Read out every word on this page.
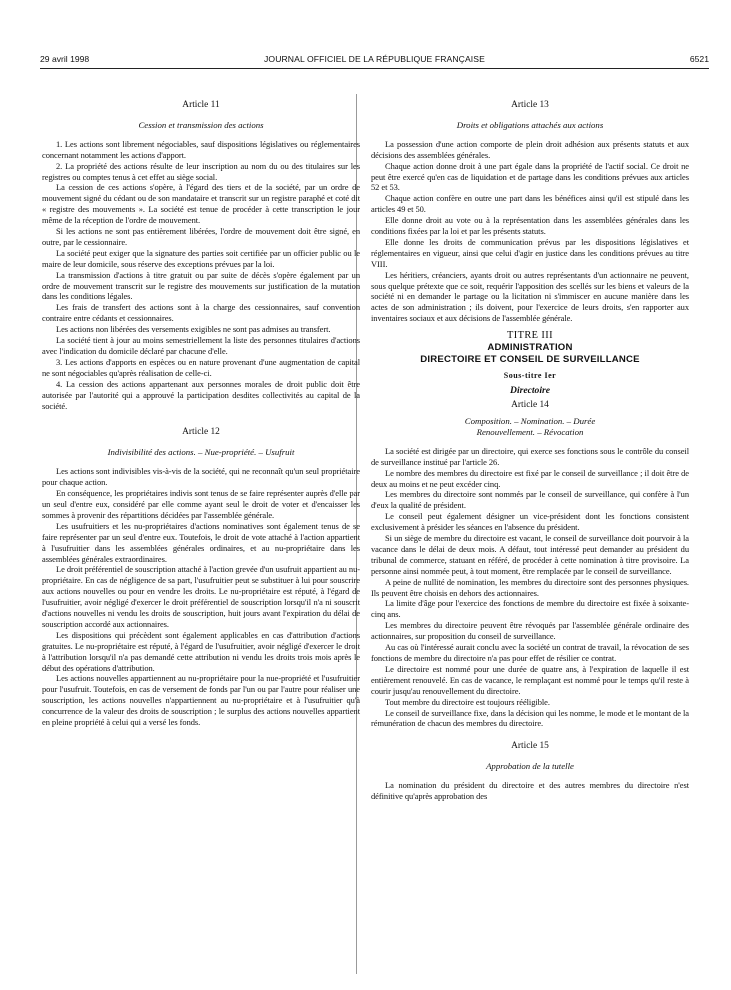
29 avril 1998	JOURNAL OFFICIEL DE LA RÉPUBLIQUE FRANÇAISE	6521
Article 11
Cession et transmission des actions

1. Les actions sont librement négociables, sauf dispositions législatives ou réglementaires concernant notamment les actions d'apport.

2. La propriété des actions résulte de leur inscription au nom du ou des titulaires sur les registres ou comptes tenus à cet effet au siège social.

La cession de ces actions s'opère, à l'égard des tiers et de la société, par un ordre de mouvement signé du cédant ou de son mandataire et transcrit sur un registre paraphé et coté dit « registre des mouvements ». La société est tenue de procéder à cette transcription le jour même de la réception de l'ordre de mouvement.

Si les actions ne sont pas entièrement libérées, l'ordre de mouvement doit être signé, en outre, par le cessionnaire.

La société peut exiger que la signature des parties soit certifiée par un officier public ou le maire de leur domicile, sous réserve des exceptions prévues par la loi.

La transmission d'actions à titre gratuit ou par suite de décès s'opère également par un ordre de mouvement transcrit sur le registre des mouvements sur justification de la mutation dans les conditions légales.

Les frais de transfert des actions sont à la charge des cessionnaires, sauf convention contraire entre cédants et cessionnaires.

Les actions non libérées des versements exigibles ne sont pas admises au transfert.

La société tient à jour au moins semestriellement la liste des personnes titulaires d'actions avec l'indication du domicile déclaré par chacune d'elle.

3. Les actions d'apports en espèces ou en nature provenant d'une augmentation de capital ne sont négociables qu'après réalisation de celle-ci.

4. La cession des actions appartenant aux personnes morales de droit public doit être autorisée par l'autorité qui a approuvé la participation desdites collectivités au capital de la société.

Article 12
Indivisibilité des actions. – Nue-propriété. – Usufruit

Les actions sont indivisibles vis-à-vis de la société, qui ne reconnaît qu'un seul propriétaire pour chaque action.

En conséquence, les propriétaires indivis sont tenus de se faire représenter auprès d'elle par un seul d'entre eux, considéré par elle comme ayant seul le droit de voter et d'encaisser les sommes à provenir des répartitions décidées par l'assemblée générale.

Les usufruitiers et les nu-propriétaires d'actions nominatives sont également tenus de se faire représenter par un seul d'entre eux. Toutefois, le droit de vote attaché à l'action appartient à l'usufruitier dans les assemblées générales ordinaires, et au nu-propriétaire dans les assemblées générales extraordinaires.

Le droit préférentiel de souscription attaché à l'action grevée d'un usufruit appartient au nu-propriétaire. En cas de négligence de sa part, l'usufruitier peut se substituer à lui pour souscrire aux actions nouvelles ou pour en vendre les droits. Le nu-propriétaire est réputé, à l'égard de l'usufruitier, avoir négligé d'exercer le droit préférentiel de souscription lorsqu'il n'a ni souscrit d'actions nouvelles ni vendu les droits de souscription, huit jours avant l'expiration du délai de souscription accordé aux actionnaires.

Les dispositions qui précèdent sont également applicables en cas d'attribution d'actions gratuites. Le nu-propriétaire est réputé, à l'égard de l'usufruitier, avoir négligé d'exercer le droit à l'attribution lorsqu'il n'a pas demandé cette attribution ni vendu les droits trois mois après le début des opérations d'attribution.

Les actions nouvelles appartiennent au nu-propriétaire pour la nue-propriété et l'usufruitier pour l'usufruit. Toutefois, en cas de versement de fonds par l'un ou par l'autre pour réaliser une souscription, les actions nouvelles n'appartiennent au nu-propriétaire et à l'usufruitier qu'à concurrence de la valeur des droits de souscription ; le surplus des actions nouvelles appartient en pleine propriété à celui qui a versé les fonds.

Article 13
Droits et obligations attachés aux actions

La possession d'une action comporte de plein droit adhésion aux présents statuts et aux décisions des assemblées générales.

Chaque action donne droit à une part égale dans la propriété de l'actif social. Ce droit ne peut être exercé qu'en cas de liquidation et de partage dans les conditions prévues aux articles 52 et 53.

Chaque action confère en outre une part dans les bénéfices ainsi qu'il est stipulé dans les articles 49 et 50.

Elle donne droit au vote ou à la représentation dans les assemblées générales dans les conditions fixées par la loi et par les présents statuts.

Elle donne les droits de communication prévus par les dispositions législatives et réglementaires en vigueur, ainsi que celui d'agir en justice dans les conditions prévues au titre VIII.

Les héritiers, créanciers, ayants droit ou autres représentants d'un actionnaire ne peuvent, sous quelque prétexte que ce soit, requérir l'apposition des scellés sur les biens et valeurs de la société ni en demander le partage ou la licitation ni s'immiscer en aucune manière dans les actes de son administration ; ils doivent, pour l'exercice de leurs droits, s'en rapporter aux inventaires sociaux et aux décisions de l'assemblée générale.

TITRE III
ADMINISTRATION
DIRECTOIRE ET CONSEIL DE SURVEILLANCE
Sous-titre Ier
Directoire
Article 14
Composition. – Nomination. – Durée
Renouvellement. – Révocation

La société est dirigée par un directoire, qui exerce ses fonctions sous le contrôle du conseil de surveillance institué par l'article 26.

Le nombre des membres du directoire est fixé par le conseil de surveillance ; il doit être de deux au moins et ne peut excéder cinq.

Les membres du directoire sont nommés par le conseil de surveillance, qui confère à l'un d'eux la qualité de président.

Le conseil peut également désigner un vice-président dont les fonctions consistent exclusivement à présider les séances en l'absence du président.

Si un siège de membre du directoire est vacant, le conseil de surveillance doit pourvoir à la vacance dans le délai de deux mois. A défaut, tout intéressé peut demander au président du tribunal de commerce, statuant en référé, de procéder à cette nomination à titre provisoire. La personne ainsi nommée peut, à tout moment, être remplacée par le conseil de surveillance.

A peine de nullité de nomination, les membres du directoire sont des personnes physiques. Ils peuvent être choisis en dehors des actionnaires.

La limite d'âge pour l'exercice des fonctions de membre du directoire est fixée à soixante-cinq ans.

Les membres du directoire peuvent être révoqués par l'assemblée générale ordinaire des actionnaires, sur proposition du conseil de surveillance.

Au cas où l'intéressé aurait conclu avec la société un contrat de travail, la révocation de ses fonctions de membre du directoire n'a pas pour effet de résilier ce contrat.

Le directoire est nommé pour une durée de quatre ans, à l'expiration de laquelle il est entièrement renouvelé. En cas de vacance, le remplaçant est nommé pour le temps qu'il reste à courir jusqu'au renouvellement du directoire.

Tout membre du directoire est toujours rééligible.

Le conseil de surveillance fixe, dans la décision qui les nomme, le mode et le montant de la rémunération de chacun des membres du directoire.

Article 15
Approbation de la tutelle

La nomination du président du directoire et des autres membres du directoire n'est définitive qu'après approbation des
